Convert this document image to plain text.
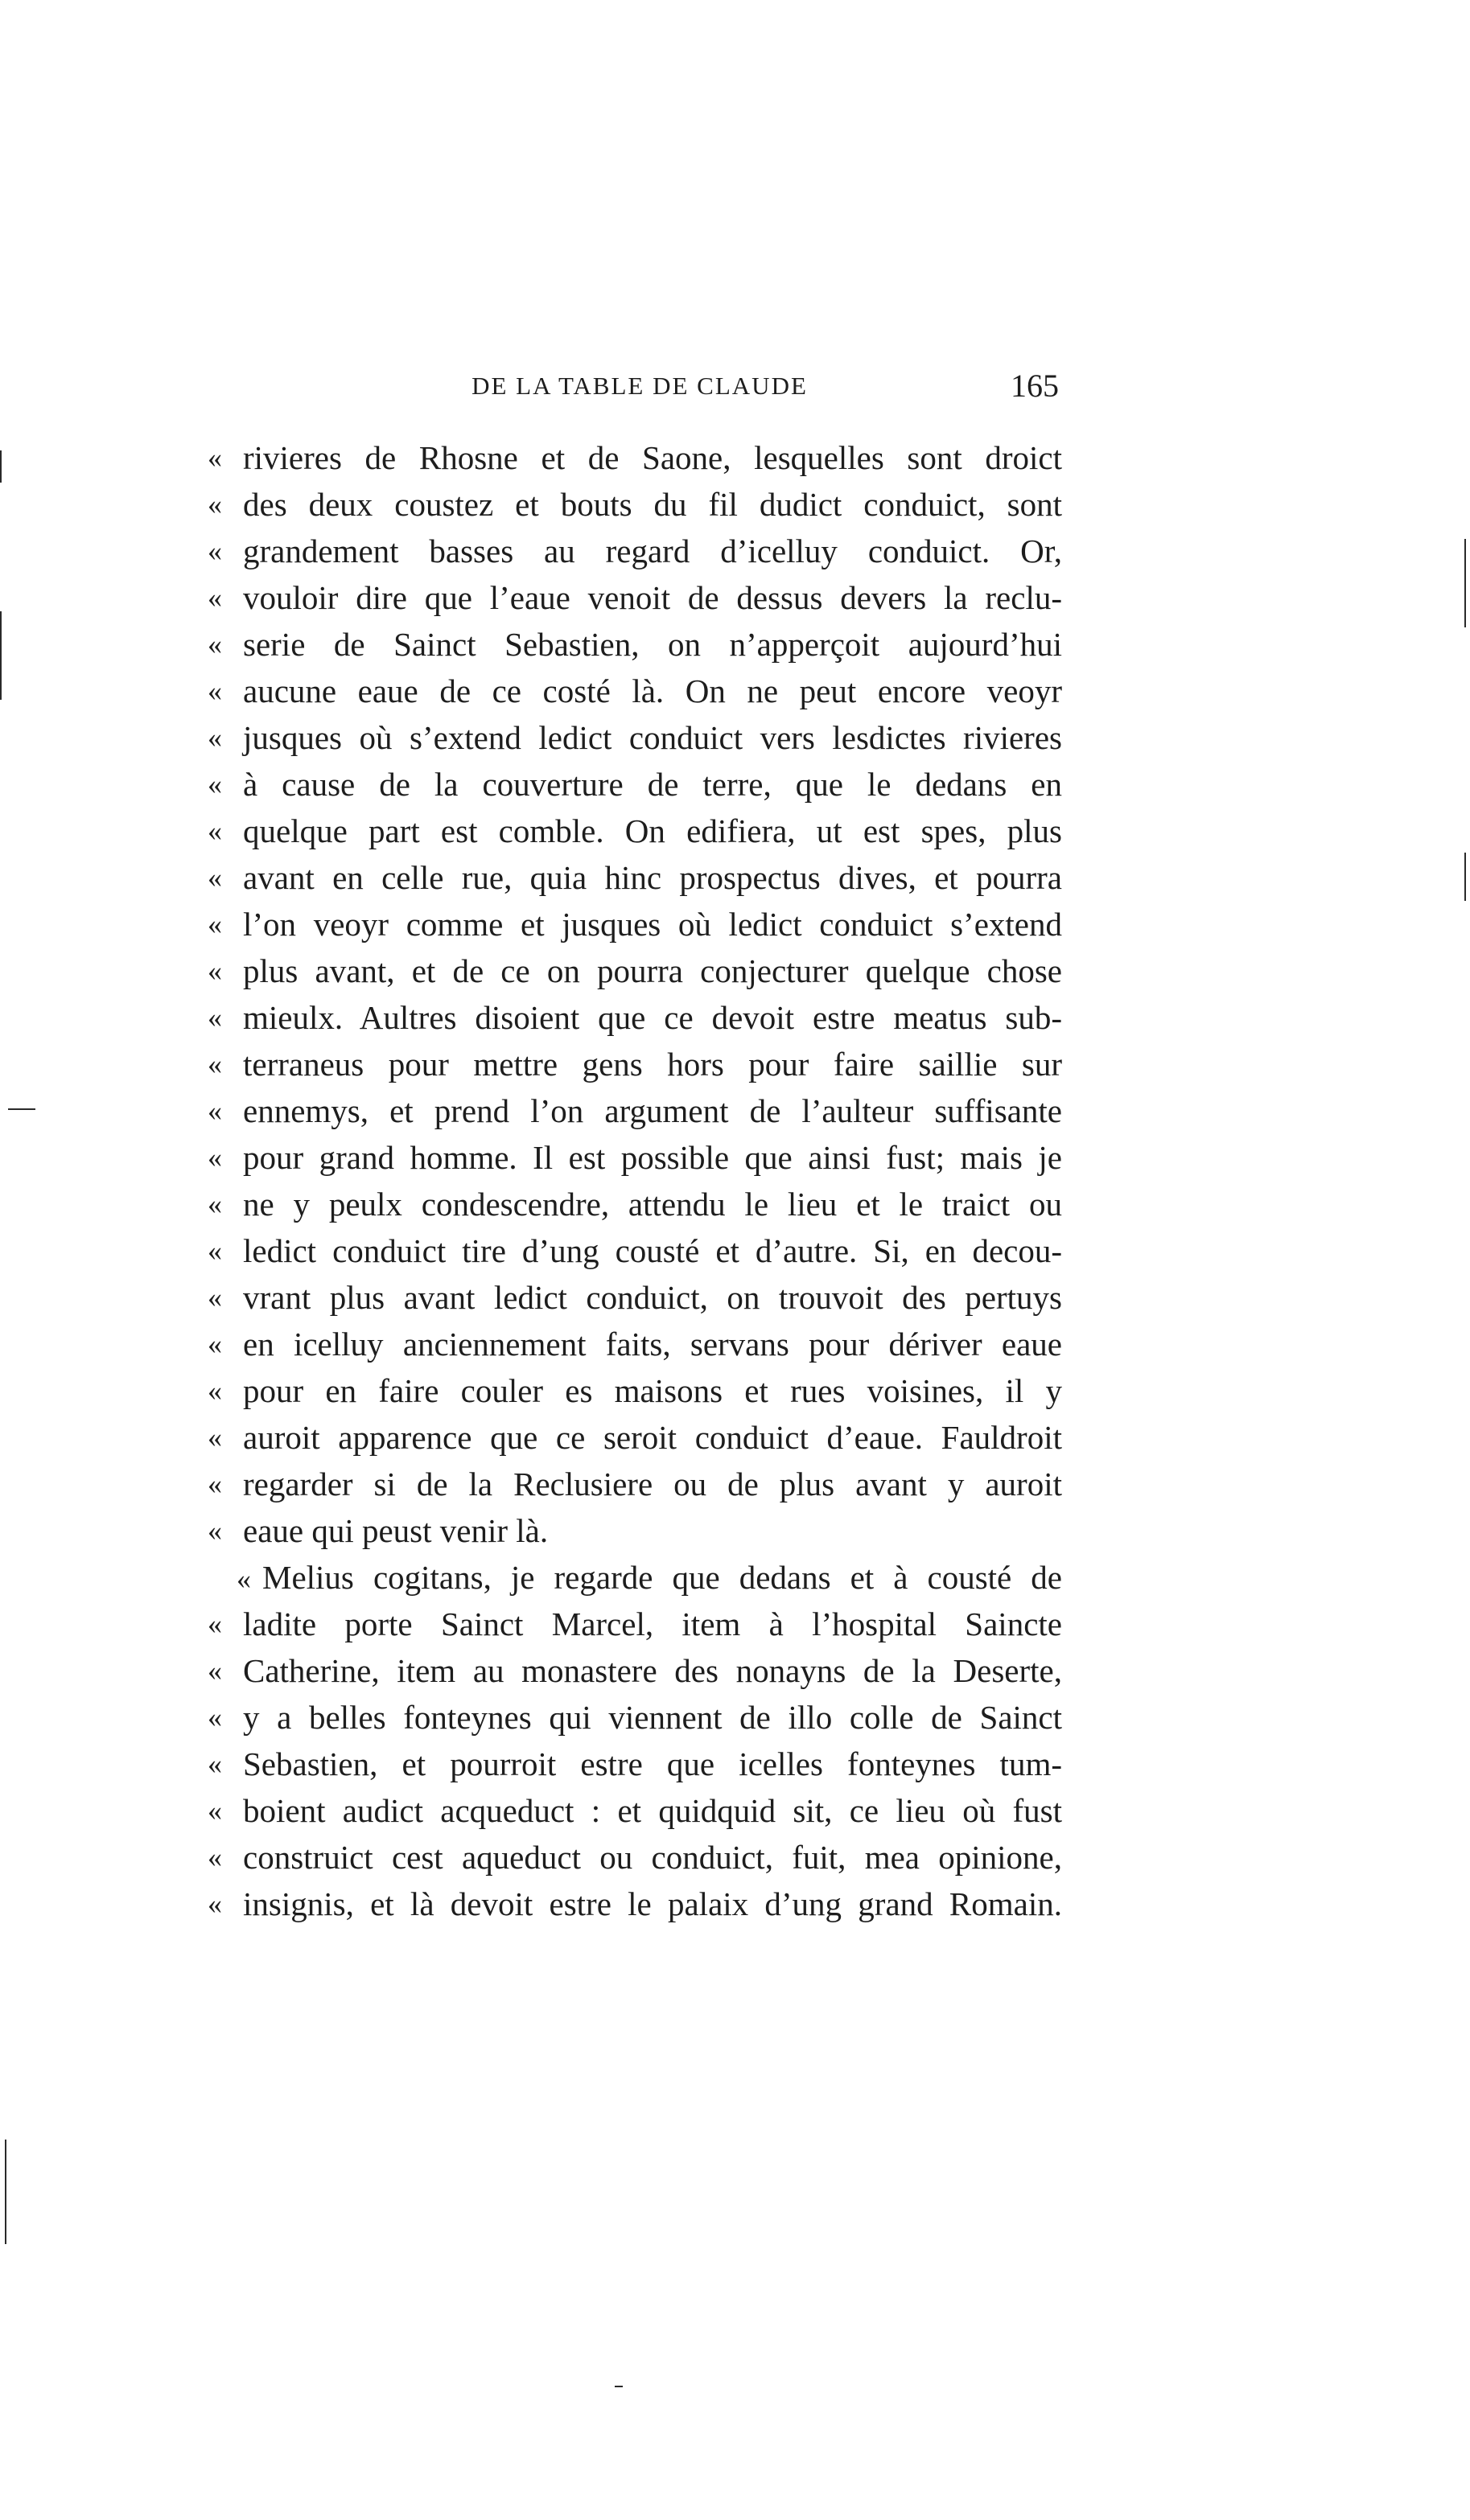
DE LA TABLE DE CLAUDE	165
« rivieres de Rhosne et de Saone, lesquelles sont droict
« des deux coustez et bouts du fil dudict conduict, sont
« grandement basses au regard d’icelluy conduict. Or,
« vouloir dire que l’eaue venoit de dessus devers la reclu-
« serie de Sainct Sebastien, on n’apperçoit aujourd’hui
« aucune eaue de ce costé là. On ne peut encore veoyr
« jusques où s’extend ledict conduict vers lesdictes rivieres
« à cause de la couverture de terre, que le dedans en
« quelque part est comble. On edifiera, ut est spes, plus
« avant en celle rue, quia hinc prospectus dives, et pourra
« l’on veoyr comme et jusques où ledict conduict s’extend
« plus avant, et de ce on pourra conjecturer quelque chose
« mieulx. Aultres disoient que ce devoit estre meatus sub-
« terraneus pour mettre gens hors pour faire saillie sur
« ennemys, et prend l’on argument de l’aulteur suffisante
« pour grand homme. Il est possible que ainsi fust; mais je
« ne y peulx condescendre, attendu le lieu et le traict ou
« ledict conduict tire d’ung cousté et d’autre. Si, en decou-
« vrant plus avant ledict conduict, on trouvoit des pertuys
« en icelluy anciennement faits, servans pour dériver eaue
« pour en faire couler es maisons et rues voisines, il y
« auroit apparence que ce seroit conduict d’eaue. Fauldroit
« regarder si de la Reclusiere ou de plus avant y auroit
« eaue qui peust venir là.
« Melius cogitans, je regarde que dedans et à cousté de
« ladite porte Sainct Marcel, item à l’hospital Saincte
« Catherine, item au monastere des nonayns de la Deserte,
« y a belles fonteynes qui viennent de illo colle de Sainct
« Sebastien, et pourroit estre que icelles fonteynes tum-
« boient audict acqueduct : et quidquid sit, ce lieu où fust
« construict cest aqueduct ou conduict, fuit, mea opinione,
« insignis, et là devoit estre le palaix d’ung grand Romain.
